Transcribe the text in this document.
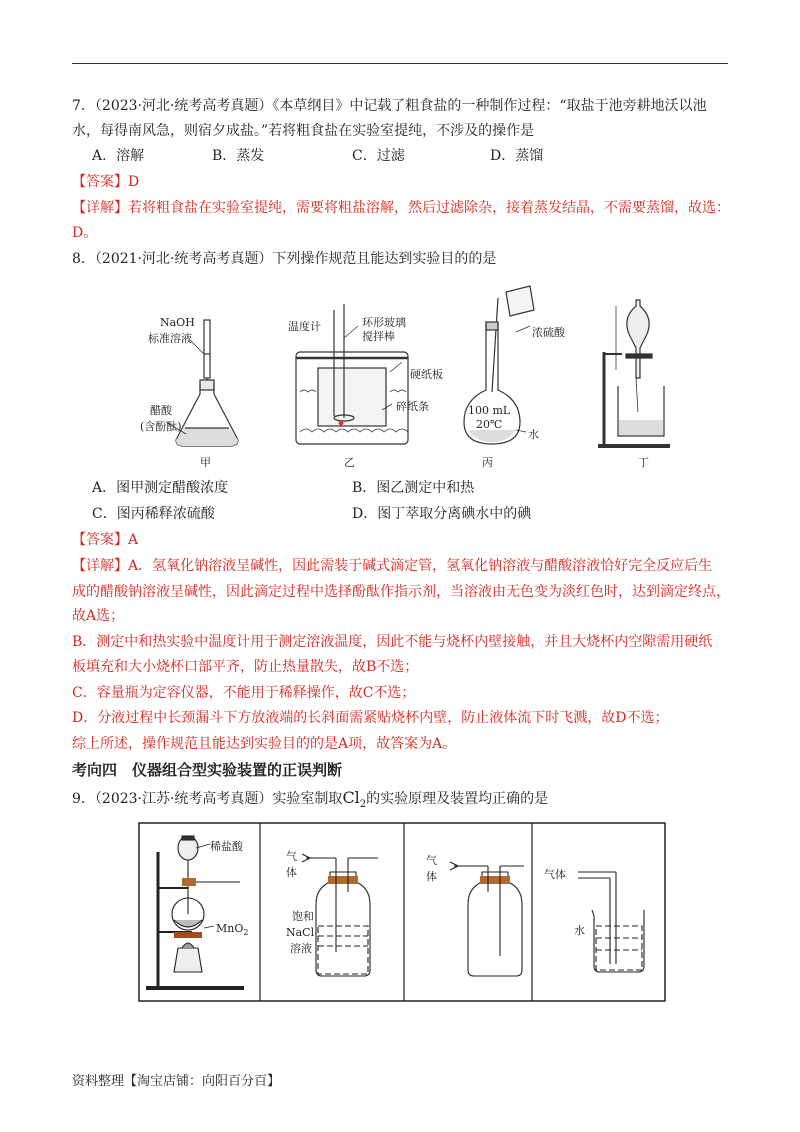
7．（2023·河北·统考高考真题）《本草纲目》中记载了粗食盐的一种制作过程：“取盐于池旁耕地沃以池
水，每得南风急，则宿夕成盐。”若将粗食盐在实验室提纯，不涉及的操作是
A．溶解	B．蒸发	C．过滤	D．蒸馏
【答案】D
【详解】若将粗食盐在实验室提纯，需要将粗盐溶解，然后过滤除杂，接着蒸发结晶，不需要蒸馏，故选：
D。
8．（2021·河北·统考高考真题）下列操作规范且能达到实验目的的是
NaOH
标准溶液
醋酸
(含酚酞)
甲
温度计	环形玻璃
搅拌棒
硬纸板
碎纸条
乙
浓硫酸
100 mL
20℃
水
丙	丁
A．图甲测定醋酸浓度	B．图乙测定中和热
C．图丙稀释浓硫酸	D．图丁萃取分离碘水中的碘
【答案】A
【详解】A．氢氧化钠溶液呈碱性，因此需装于碱式滴定管，氢氧化钠溶液与醋酸溶液恰好完全反应后生
成的醋酸钠溶液呈碱性，因此滴定过程中选择酚酞作指示剂，当溶液由无色变为淡红色时，达到滴定终点，
故A选；
B．测定中和热实验中温度计用于测定溶液温度，因此不能与烧杯内壁接触，并且大烧杯内空隙需用硬纸
板填充和大小烧杯口部平齐，防止热量散失，故B不选；
C．容量瓶为定容仪器，不能用于稀释操作，故C不选；
D．分液过程中长颈漏斗下方放液端的长斜面需紧贴烧杯内壁，防止液体流下时飞溅，故D不选；
综上所述，操作规范且能达到实验目的的是A项，故答案为A。
考向四　仪器组合型实验装置的正误判断
9．（2023·江苏·统考高考真题）实验室制取$Cl_2$的实验原理及装置均正确的是
稀盐酸
MnO$_2$
气
体
饱和
NaCl
溶液
气
体	气体
水
资料整理【淘宝店铺：向阳百分百】
